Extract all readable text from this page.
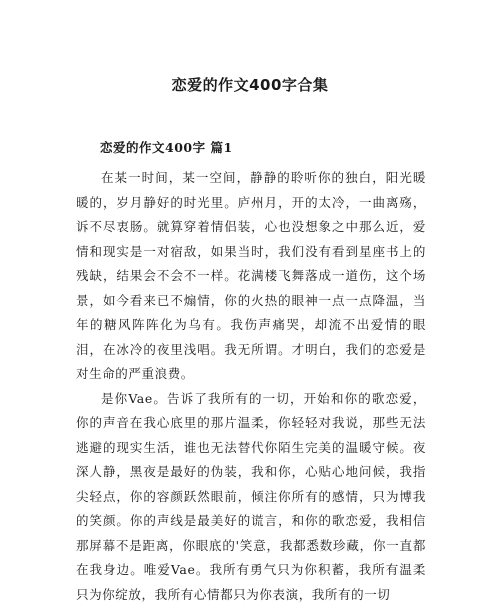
恋爱的作文400字合集
恋爱的作文400字 篇1

在某一时间，某一空间，静静的聆听你的独白，阳光暖暖的，岁月静好的时光里。庐州月，开的太冷，一曲离殇，诉不尽衷肠。就算穿着情侣装，心也没想象之中那么近，爱情和现实是一对宿敌，如果当时，我们没有看到星座书上的残缺，结果会不会不一样。花满楼飞舞落成一道伤，这个场景，如今看来已不煽情，你的火热的眼神一点一点降温，当年的糖风阵阵化为乌有。我伤声痛哭，却流不出爱情的眼泪，在冰冷的夜里浅唱。我无所谓。才明白，我们的恋爱是对生命的严重浪费。

是你Vae。告诉了我所有的一切，开始和你的歌恋爱，你的声音在我心底里的那片温柔，你轻轻对我说，那些无法逃避的现实生活，谁也无法替代你陌生完美的温暖守候。夜深人静，黑夜是最好的伪装，我和你，心贴心地问候，我指尖轻点，你的容颜跃然眼前，倾注你所有的感情，只为博我的笑颜。你的声线是最美好的谎言，和你的歌恋爱，我相信那屏幕不是距离，你眼底的'笑意，我都悉数珍藏，你一直都在我身边。唯爱Vae。我所有勇气只为你积蓄，我所有温柔只为你绽放，我所有心情都只为你表演，我所有的一切
